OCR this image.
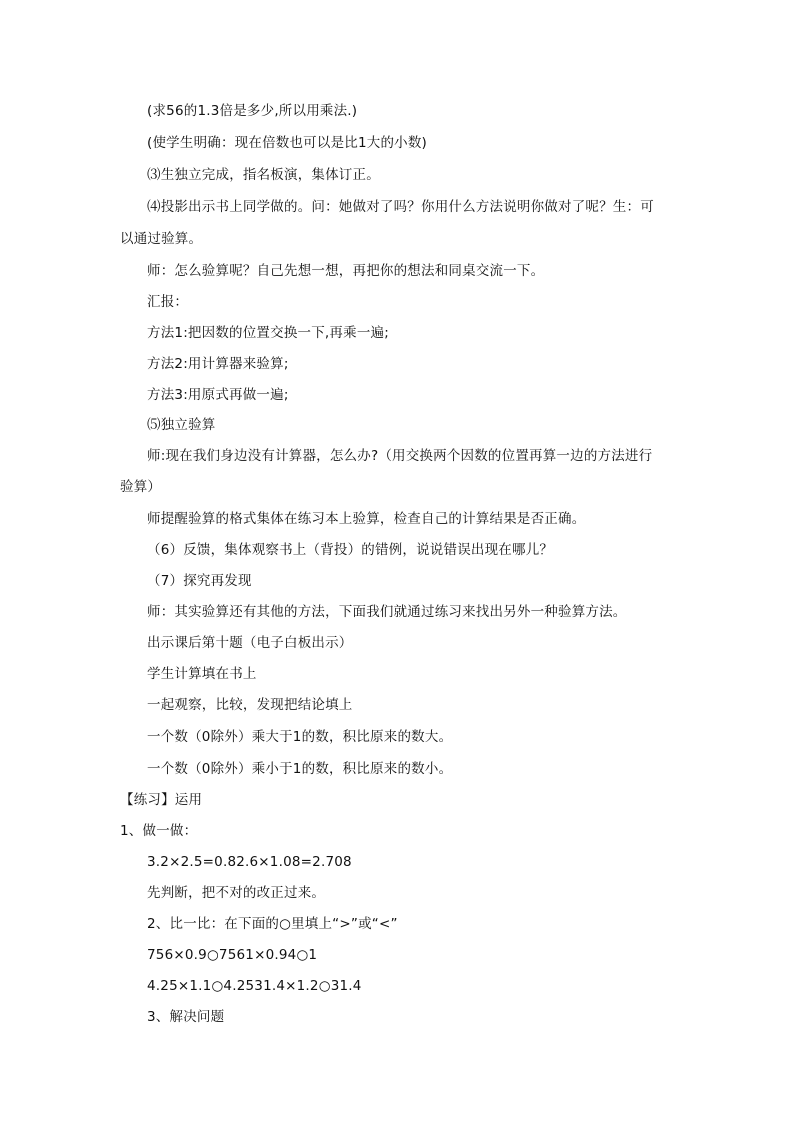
(求56的1.3倍是多少,所以用乘法.)
(使学生明确：现在倍数也可以是比1大的小数)
⑶生独立完成，指名板演，集体订正。
⑷投影出示书上同学做的。问：她做对了吗？你用什么方法说明你做对了呢？生：可
以通过验算。
师：怎么验算呢？自己先想一想，再把你的想法和同桌交流一下。
汇报：
方法1:把因数的位置交换一下,再乘一遍;
方法2:用计算器来验算;
方法3:用原式再做一遍;
⑸独立验算
师:现在我们身边没有计算器，怎么办?（用交换两个因数的位置再算一边的方法进行
验算）
师提醒验算的格式集体在练习本上验算，检查自己的计算结果是否正确。
（6）反馈，集体观察书上（背投）的错例，说说错误出现在哪儿？
（7）探究再发现
师：其实验算还有其他的方法，下面我们就通过练习来找出另外一种验算方法。
出示课后第十题（电子白板出示）
学生计算填在书上
一起观察，比较，发现把结论填上
一个数（0除外）乘大于1的数，积比原来的数大。
一个数（0除外）乘小于1的数，积比原来的数小。
【练习】运用
1、做一做：
3.2×2.5=0.82.6×1.08=2.708
先判断，把不对的改正过来。
2、比一比：在下面的○里填上“>”或“<”
756×0.9○7561×0.94○1
4.25×1.1○4.2531.4×1.2○31.4
3、解决问题
